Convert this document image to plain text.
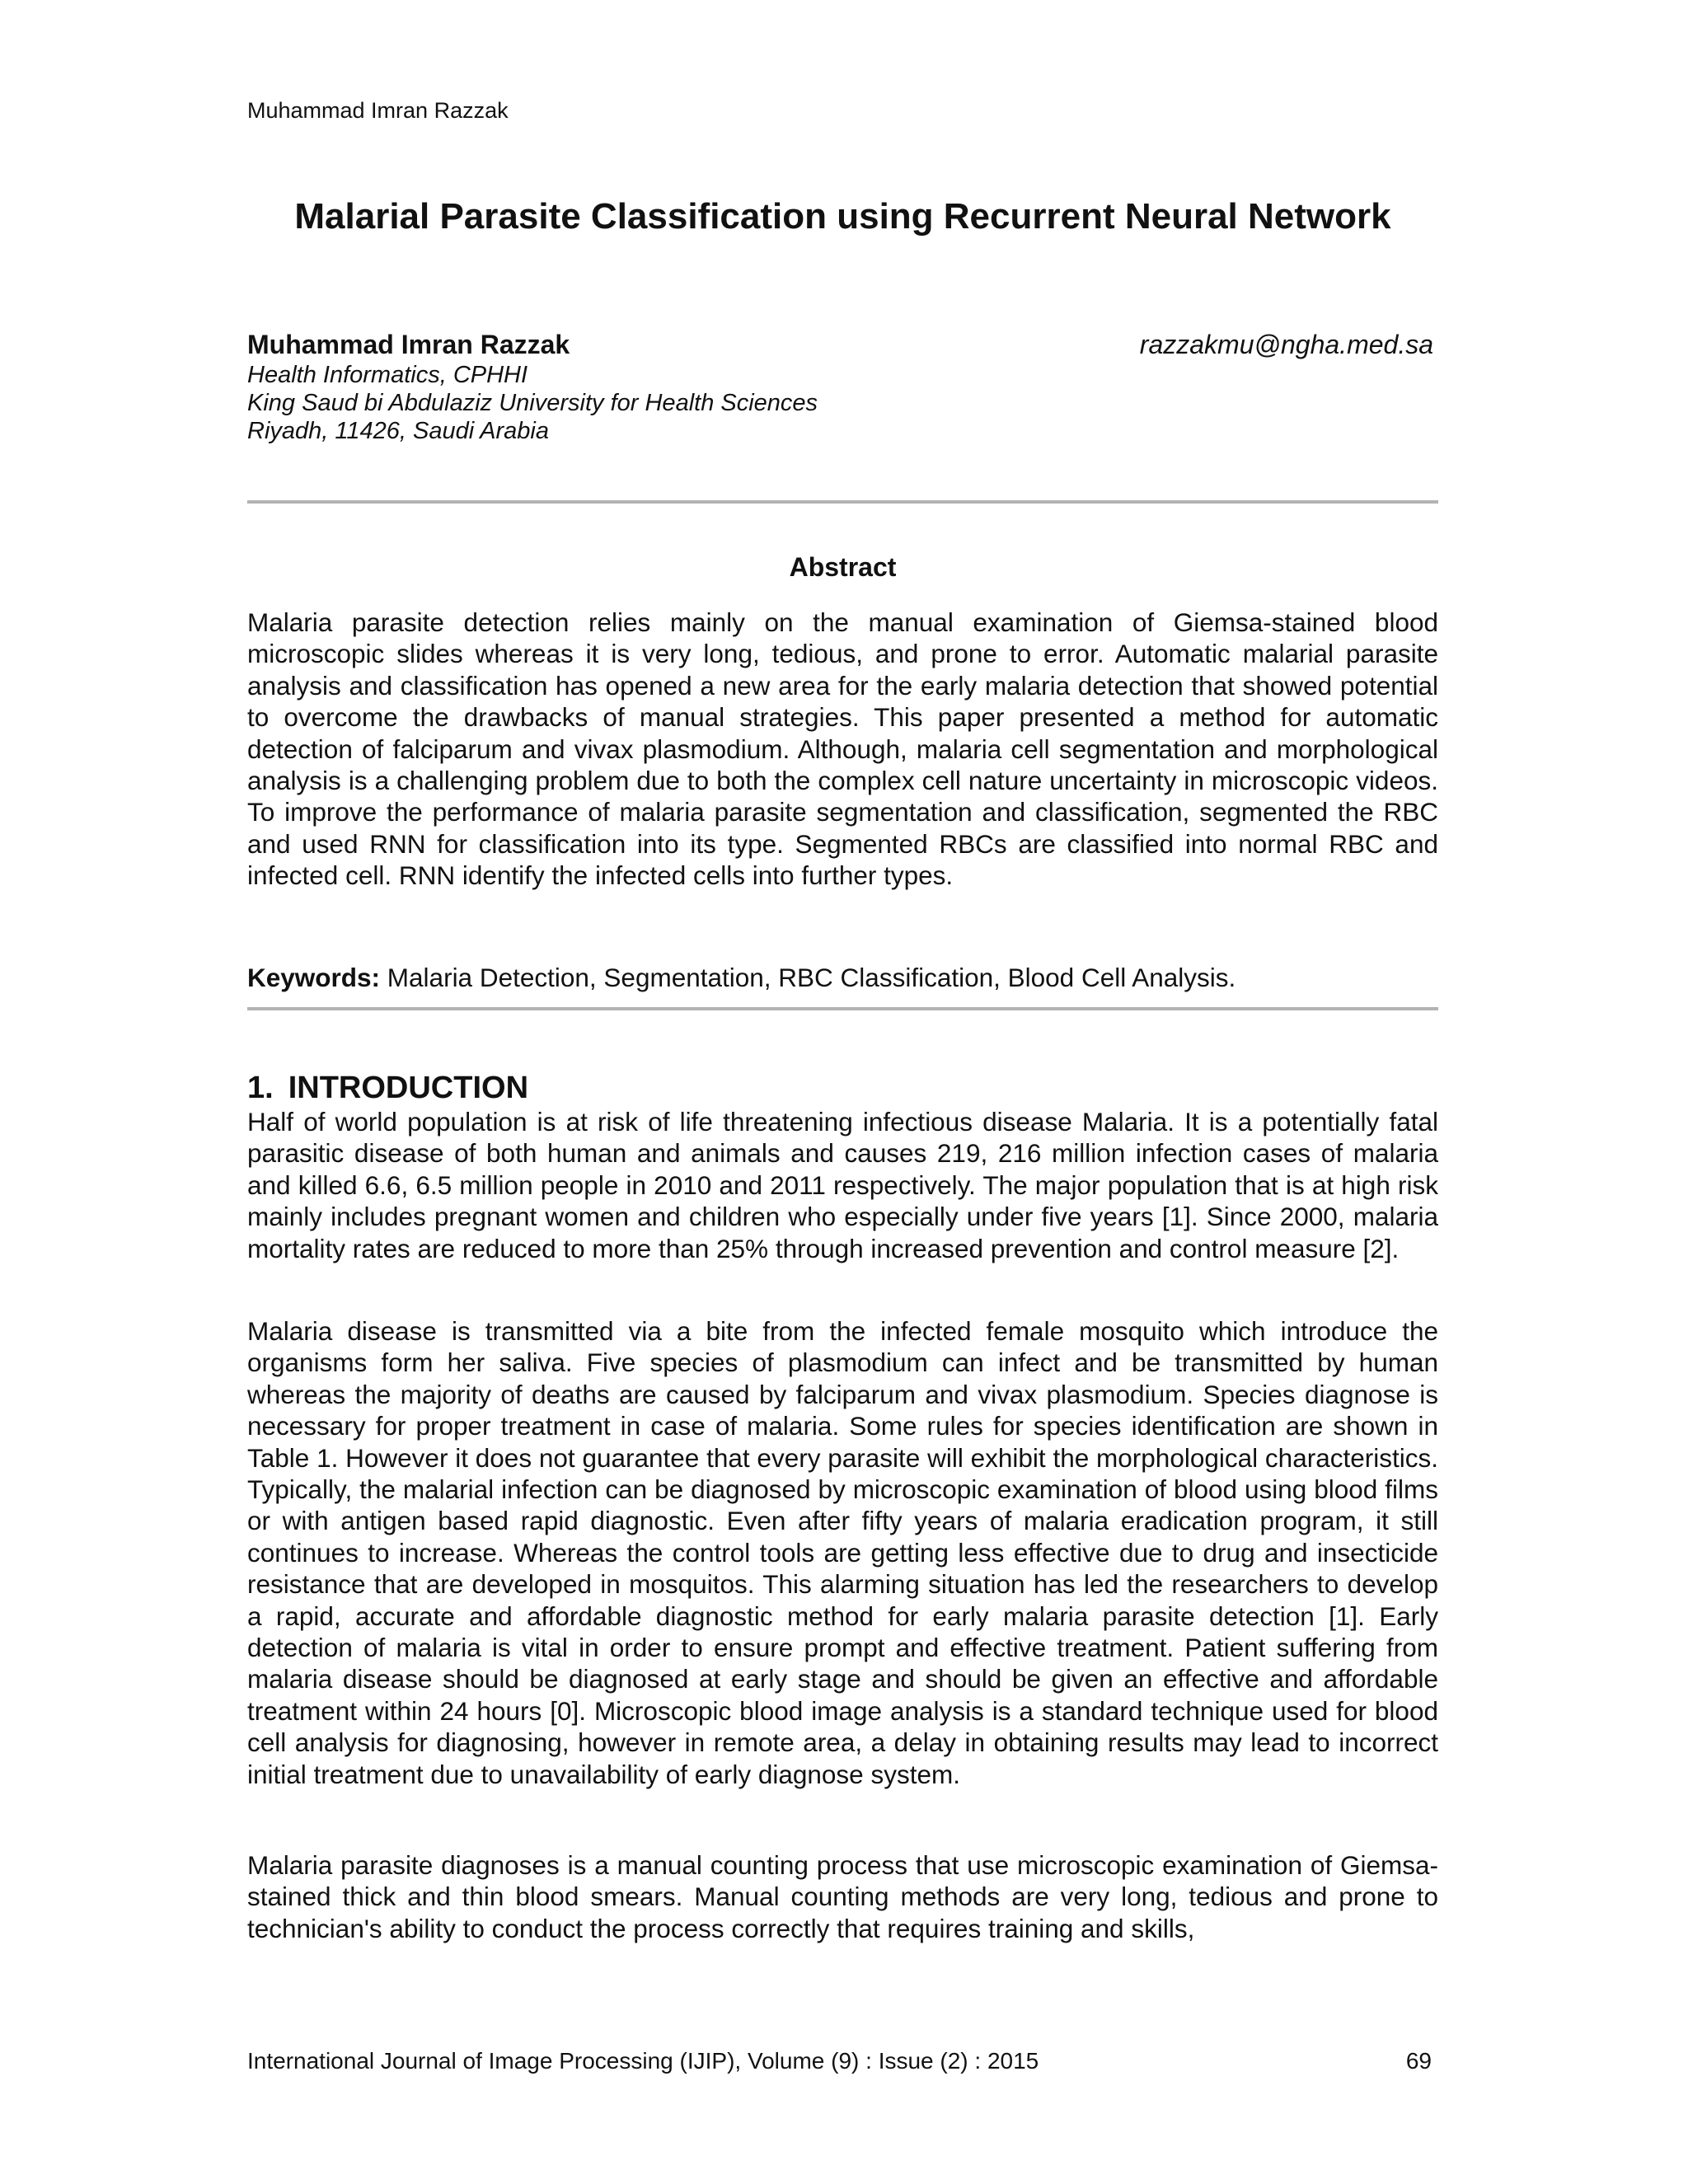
Muhammad Imran Razzak
Malarial Parasite Classification using Recurrent Neural Network
Muhammad Imran Razzak	razzakmu@ngha.med.sa
Health Informatics, CPHHI
King Saud bi Abdulaziz University for Health Sciences
Riyadh, 11426, Saudi Arabia
Abstract

Malaria parasite detection relies mainly on the manual examination of Giemsa-stained blood microscopic slides whereas it is very long, tedious, and prone to error. Automatic malarial parasite analysis and classification has opened a new area for the early malaria detection that showed potential to overcome the drawbacks of manual strategies. This paper presented a method for automatic detection of falciparum and vivax plasmodium. Although, malaria cell segmentation and morphological analysis is a challenging problem due to both the complex cell nature uncertainty in microscopic videos. To improve the performance of malaria parasite segmentation and classification, segmented the RBC and used RNN for classification into its type. Segmented RBCs are classified into normal RBC and infected cell. RNN identify the infected cells into further types.

Keywords: Malaria Detection, Segmentation, RBC Classification, Blood Cell Analysis.
1. INTRODUCTION

Half of world population is at risk of life threatening infectious disease Malaria. It is a potentially fatal parasitic disease of both human and animals and causes 219, 216 million infection cases of malaria and killed 6.6, 6.5 million people in 2010 and 2011 respectively. The major population that is at high risk mainly includes pregnant women and children who especially under five years [1]. Since 2000, malaria mortality rates are reduced to more than 25% through increased prevention and control measure [2].

Malaria disease is transmitted via a bite from the infected female mosquito which introduce the organisms form her saliva. Five species of plasmodium can infect and be transmitted by human whereas the majority of deaths are caused by falciparum and vivax plasmodium. Species diagnose is necessary for proper treatment in case of malaria. Some rules for species identification are shown in Table 1. However it does not guarantee that every parasite will exhibit the morphological characteristics. Typically, the malarial infection can be diagnosed by microscopic examination of blood using blood films or with antigen based rapid diagnostic. Even after fifty years of malaria eradication program, it still continues to increase. Whereas the control tools are getting less effective due to drug and insecticide resistance that are developed in mosquitos. This alarming situation has led the researchers to develop a rapid, accurate and affordable diagnostic method for early malaria parasite detection [1]. Early detection of malaria is vital in order to ensure prompt and effective treatment. Patient suffering from malaria disease should be diagnosed at early stage and should be given an effective and affordable treatment within 24 hours [0]. Microscopic blood image analysis is a standard technique used for blood cell analysis for diagnosing, however in remote area, a delay in obtaining results may lead to incorrect initial treatment due to unavailability of early diagnose system.

Malaria parasite diagnoses is a manual counting process that use microscopic examination of Giemsa-stained thick and thin blood smears. Manual counting methods are very long, tedious and prone to technician's ability to conduct the process correctly that requires training and skills,

International Journal of Image Processing (IJIP), Volume (9) : Issue (2) : 2015	69
